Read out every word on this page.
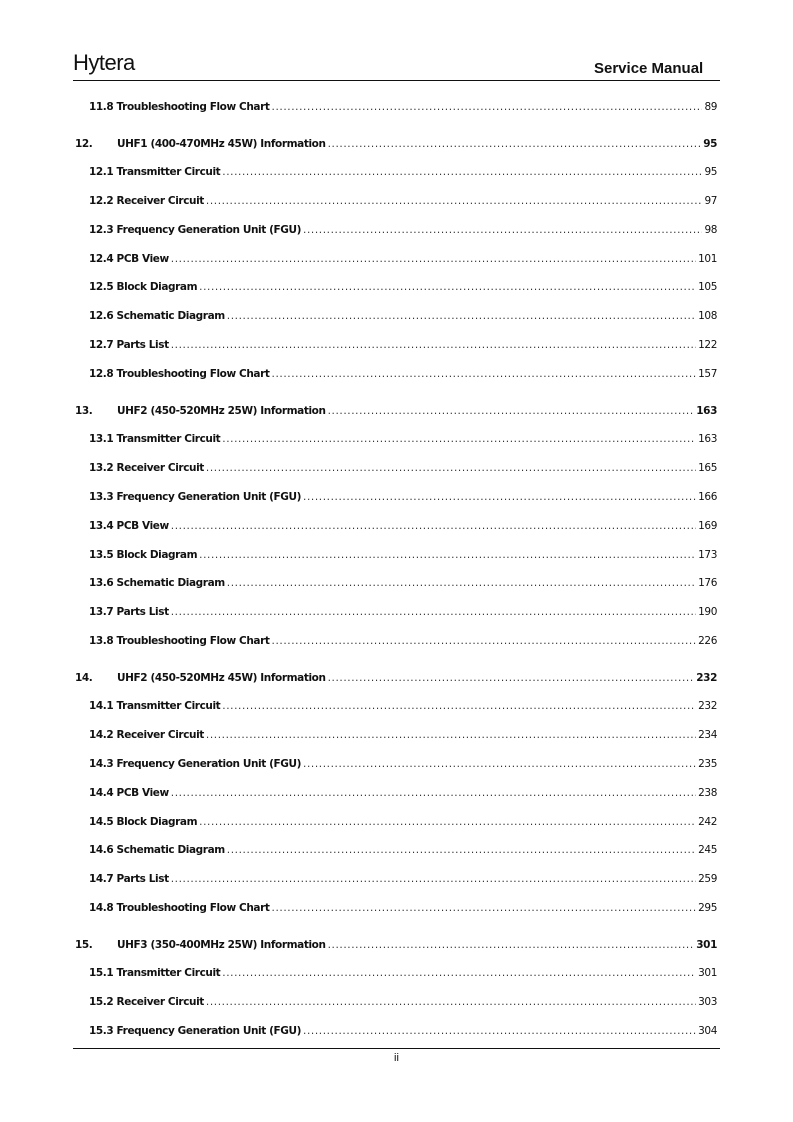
Hytera	Service Manual
11.8 Troubleshooting Flow Chart .....	89
12.	UHF1 (400-470MHz 45W) Information .....	95
12.1 Transmitter Circuit .....	95
12.2 Receiver Circuit .....	97
12.3 Frequency Generation Unit (FGU) .....	98
12.4 PCB View .....	101
12.5 Block Diagram .....	105
12.6 Schematic Diagram .....	108
12.7 Parts List .....	122
12.8 Troubleshooting Flow Chart .....	157
13.	UHF2 (450-520MHz 25W) Information .....	163
13.1 Transmitter Circuit .....	163
13.2 Receiver Circuit .....	165
13.3 Frequency Generation Unit (FGU) .....	166
13.4 PCB View .....	169
13.5 Block Diagram .....	173
13.6 Schematic Diagram .....	176
13.7 Parts List .....	190
13.8 Troubleshooting Flow Chart .....	226
14.	UHF2 (450-520MHz 45W) Information .....	232
14.1 Transmitter Circuit .....	232
14.2 Receiver Circuit .....	234
14.3 Frequency Generation Unit (FGU) .....	235
14.4 PCB View .....	238
14.5 Block Diagram .....	242
14.6 Schematic Diagram .....	245
14.7 Parts List .....	259
14.8 Troubleshooting Flow Chart .....	295
15.	UHF3 (350-400MHz 25W) Information .....	301
15.1 Transmitter Circuit .....	301
15.2 Receiver Circuit .....	303
15.3 Frequency Generation Unit (FGU) .....	304
ii
